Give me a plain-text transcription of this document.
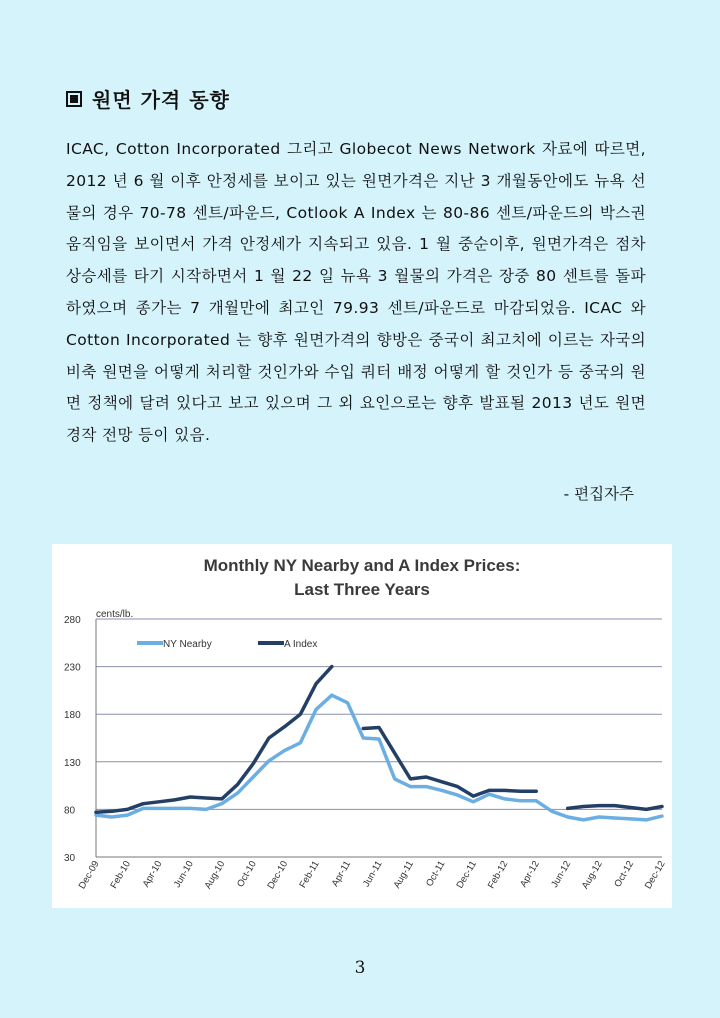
원면 가격 동향
ICAC, Cotton Incorporated 그리고 Globecot News Network 자료에 따르면, 2012 년 6 월 이후 안정세를 보이고 있는 원면가격은 지난 3 개월동안에도 뉴욕 선물의 경우 70-78 센트/파운드, Cotlook A Index 는 80-86 센트/파운드의 박스권 움직임을 보이면서 가격 안정세가 지속되고 있음. 1 월 중순이후, 원면가격은 점차 상승세를 타기 시작하면서 1 월 22 일 뉴욕 3 월물의 가격은 장중 80 센트를 돌파하였으며 종가는 7 개월만에 최고인 79.93 센트/파운드로 마감되었음. ICAC 와 Cotton Incorporated 는 향후 원면가격의 향방은 중국이 최고치에 이르는 자국의 비축 원면을 어떻게 처리할 것인가와 수입 쿼터 배정 어떻게 할 것인가 등 중국의 원면 정책에 달려 있다고 보고 있으며 그 외 요인으로는 향후 발표될 2013 년도 원면경작 전망 등이 있음.
- 편집자주
Monthly NY Nearby and A Index Prices:
Last Three Years
cents/lb.
30
80
130
180
230
280
Dec-09 Feb-10 Apr-10 Jun-10 Aug-10 Oct-10 Dec-10 Feb-11 Apr-11 Jun-11 Aug-11 Oct-11 Dec-11 Feb-12 Apr-12 Jun-12 Aug-12 Oct-12 Dec-12
NY Nearby	A Index
3
